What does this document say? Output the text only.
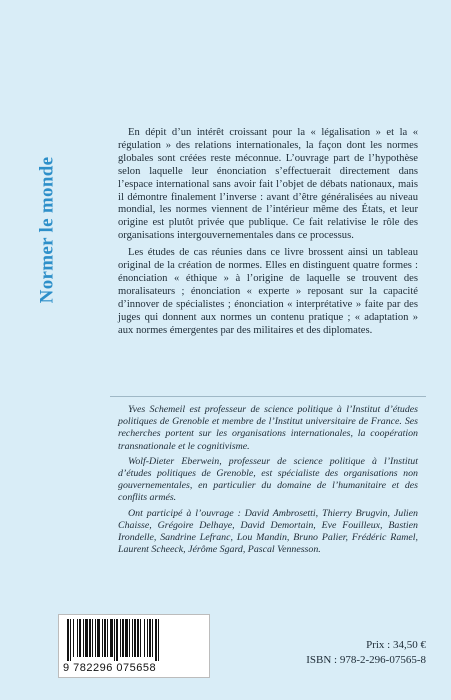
Normer le monde

En dépit d’un intérêt croissant pour la « légalisation » et la « régulation » des relations internationales, la façon dont les normes globales sont créées reste méconnue. L’ouvrage part de l’hypothèse selon laquelle leur énonciation s’effectuerait directement dans l’espace international sans avoir fait l’objet de débats nationaux, mais il démontre finalement l’inverse : avant d’être généralisées au niveau mondial, les normes viennent de l’intérieur même des États, et leur origine est plutôt privée que publique. Ce fait relativise le rôle des organisations intergouvernementales dans ce processus.

Les études de cas réunies dans ce livre brossent ainsi un tableau original de la création de normes. Elles en distinguent quatre formes : énonciation « éthique » à l’origine de laquelle se trouvent des moralisateurs ; énonciation « experte » reposant sur la capacité d’innover de spécialistes ; énonciation « interprétative » faite par des juges qui donnent aux normes un contenu pratique ; « adaptation » aux normes émergentes par des militaires et des diplomates.

Yves Schemeil est professeur de science politique à l’Institut d’études politiques de Grenoble et membre de l’Institut universitaire de France. Ses recherches portent sur les organisations internationales, la coopération transnationale et le cognitivisme.

Wolf-Dieter Eberwein, professeur de science politique à l’Institut d’études politiques de Grenoble, est spécialiste des organisations non gouvernementales, en particulier du domaine de l’humanitaire et des conflits armés.

Ont participé à l’ouvrage : David Ambrosetti, Thierry Brugvin, Julien Chaisse, Grégoire Delhaye, David Demortain, Eve Fouilleux, Bastien Irondelle, Sandrine Lefranc, Lou Mandin, Bruno Palier, Frédéric Ramel, Laurent Scheeck, Jérôme Sgard, Pascal Vennesson.

9 782296 075658
Prix : 34,50 €
ISBN : 978-2-296-07565-8
